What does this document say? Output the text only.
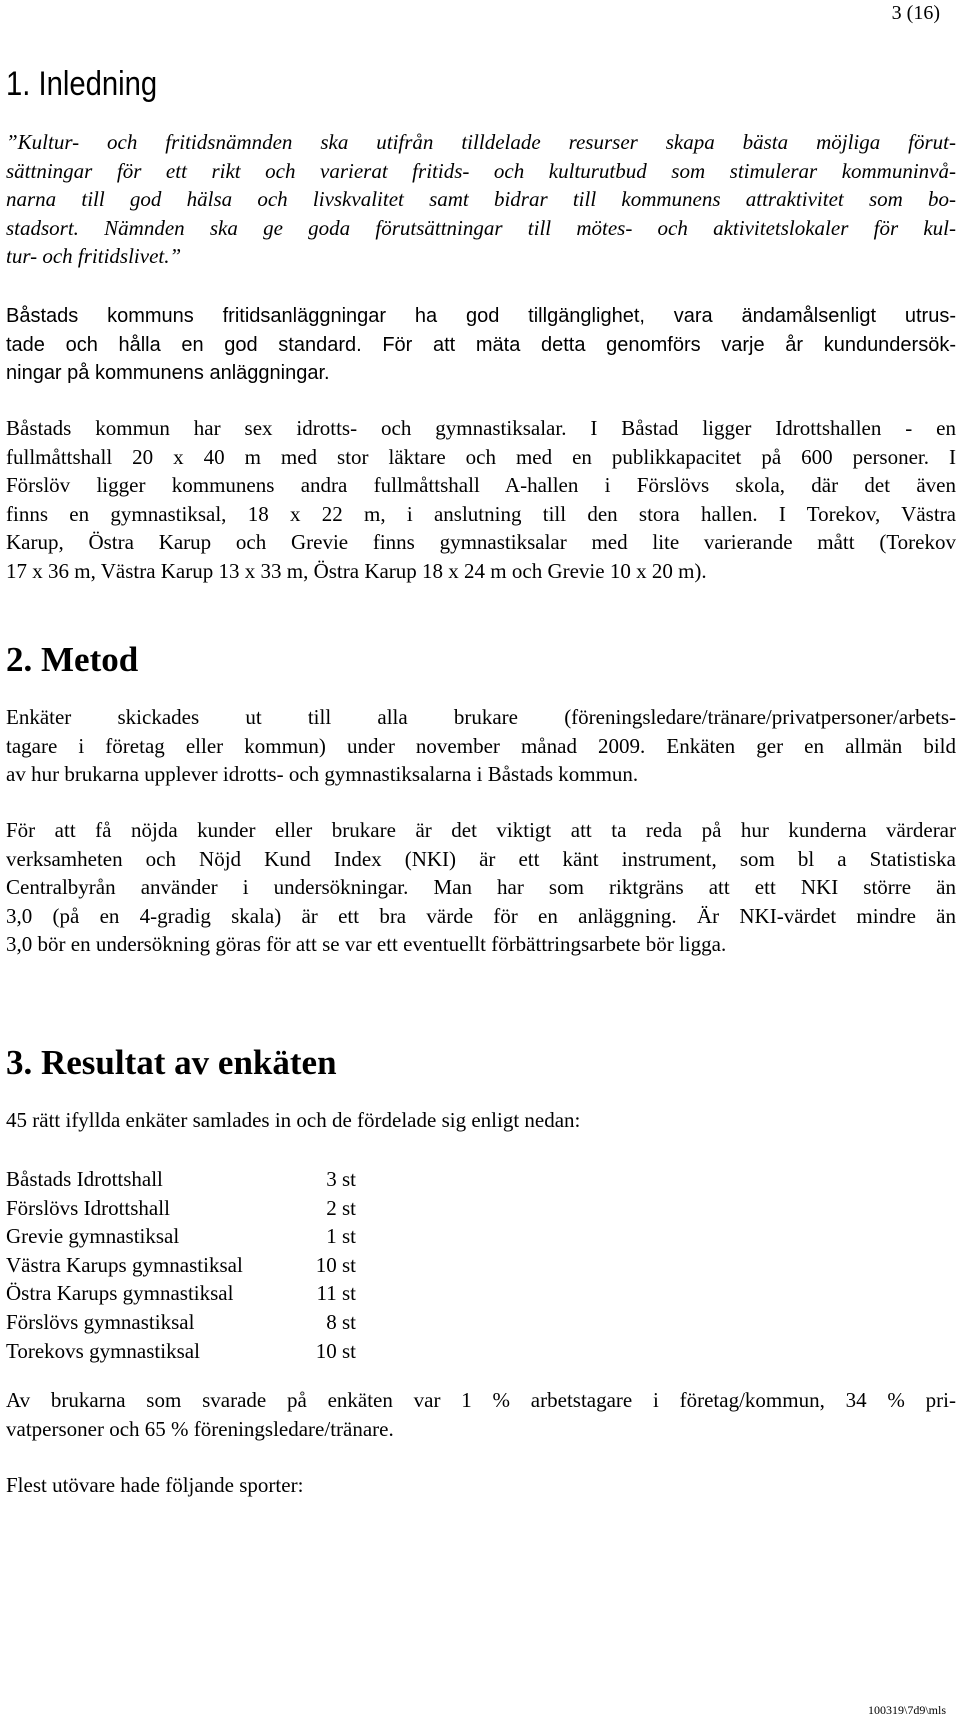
3 (16)
1. Inledning

”Kultur- och fritidsnämnden ska utifrån tilldelade resurser skapa bästa möjliga förut-
sättningar för ett rikt och varierat fritids- och kulturutbud som stimulerar kommuninvå-
narna till god hälsa och livskvalitet samt bidrar till kommunens attraktivitet som bo-
stadsort. Nämnden ska ge goda förutsättningar till mötes- och aktivitetslokaler för kul-
tur- och fritidslivet.”

Båstads kommuns fritidsanläggningar ha god tillgänglighet, vara ändamålsenligt utrus-
tade och hålla en god standard. För att mäta detta genomförs varje år kundundersök-
ningar på kommunens anläggningar.

Båstads kommun har sex idrotts- och gymnastiksalar. I Båstad ligger Idrottshallen - en
fullmåttshall 20 x 40 m med stor läktare och med en publikkapacitet på 600 personer. I
Förslöv ligger kommunens andra fullmåttshall A-hallen i Förslövs skola, där det även
finns en gymnastiksal, 18 x 22 m, i anslutning till den stora hallen. I Torekov, Västra
Karup, Östra Karup och Grevie finns gymnastiksalar med lite varierande mått (Torekov
17 x 36 m, Västra Karup 13 x 33 m, Östra Karup 18 x 24 m och Grevie 10 x 20 m).

2. Metod

Enkäter skickades ut till alla brukare (föreningsledare/tränare/privatpersoner/arbets-
tagare i företag eller kommun) under november månad 2009. Enkäten ger en allmän bild
av hur brukarna upplever idrotts- och gymnastiksalarna i Båstads kommun.

För att få nöjda kunder eller brukare är det viktigt att ta reda på hur kunderna värderar
verksamheten och Nöjd Kund Index (NKI) är ett känt instrument, som bl a Statistiska
Centralbyrån använder i undersökningar. Man har som riktgräns att ett NKI större än
3,0 (på en 4-gradig skala) är ett bra värde för en anläggning. Är NKI-värdet mindre än
3,0 bör en undersökning göras för att se var ett eventuellt förbättringsarbete bör ligga.

3. Resultat av enkäten

45 rätt ifyllda enkäter samlades in och de fördelade sig enligt nedan:

Båstads Idrottshall	3 st
Förslövs Idrottshall	2 st
Grevie gymnastiksal	1 st
Västra Karups gymnastiksal	10 st
Östra Karups gymnastiksal	11 st
Förslövs gymnastiksal	8 st
Torekovs gymnastiksal	10 st

Av brukarna som svarade på enkäten var 1 % arbetstagare i företag/kommun, 34 % pri-
vatpersoner och 65 % föreningsledare/tränare.

Flest utövare hade följande sporter:

100319\7d9\mls
